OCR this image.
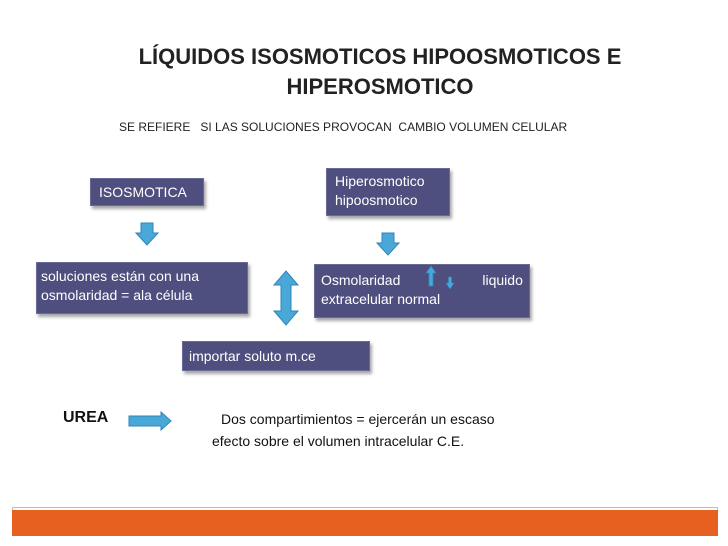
LÍQUIDOS ISOSMOTICOS HIPOOSMOTICOS E
HIPEROSMOTICO
SE REFIERE   SI LAS SOLUCIONES PROVOCAN  CAMBIO VOLUMEN CELULAR
ISOSMOTICA
Hiperosmotico
hipoosmotico
soluciones están con una
osmolaridad = ala célula
Osmolaridad	liquido
extracelular normal
importar soluto m.ce
UREA	Dos compartimientos = ejercerán un escaso
efecto sobre el volumen intracelular C.E.
